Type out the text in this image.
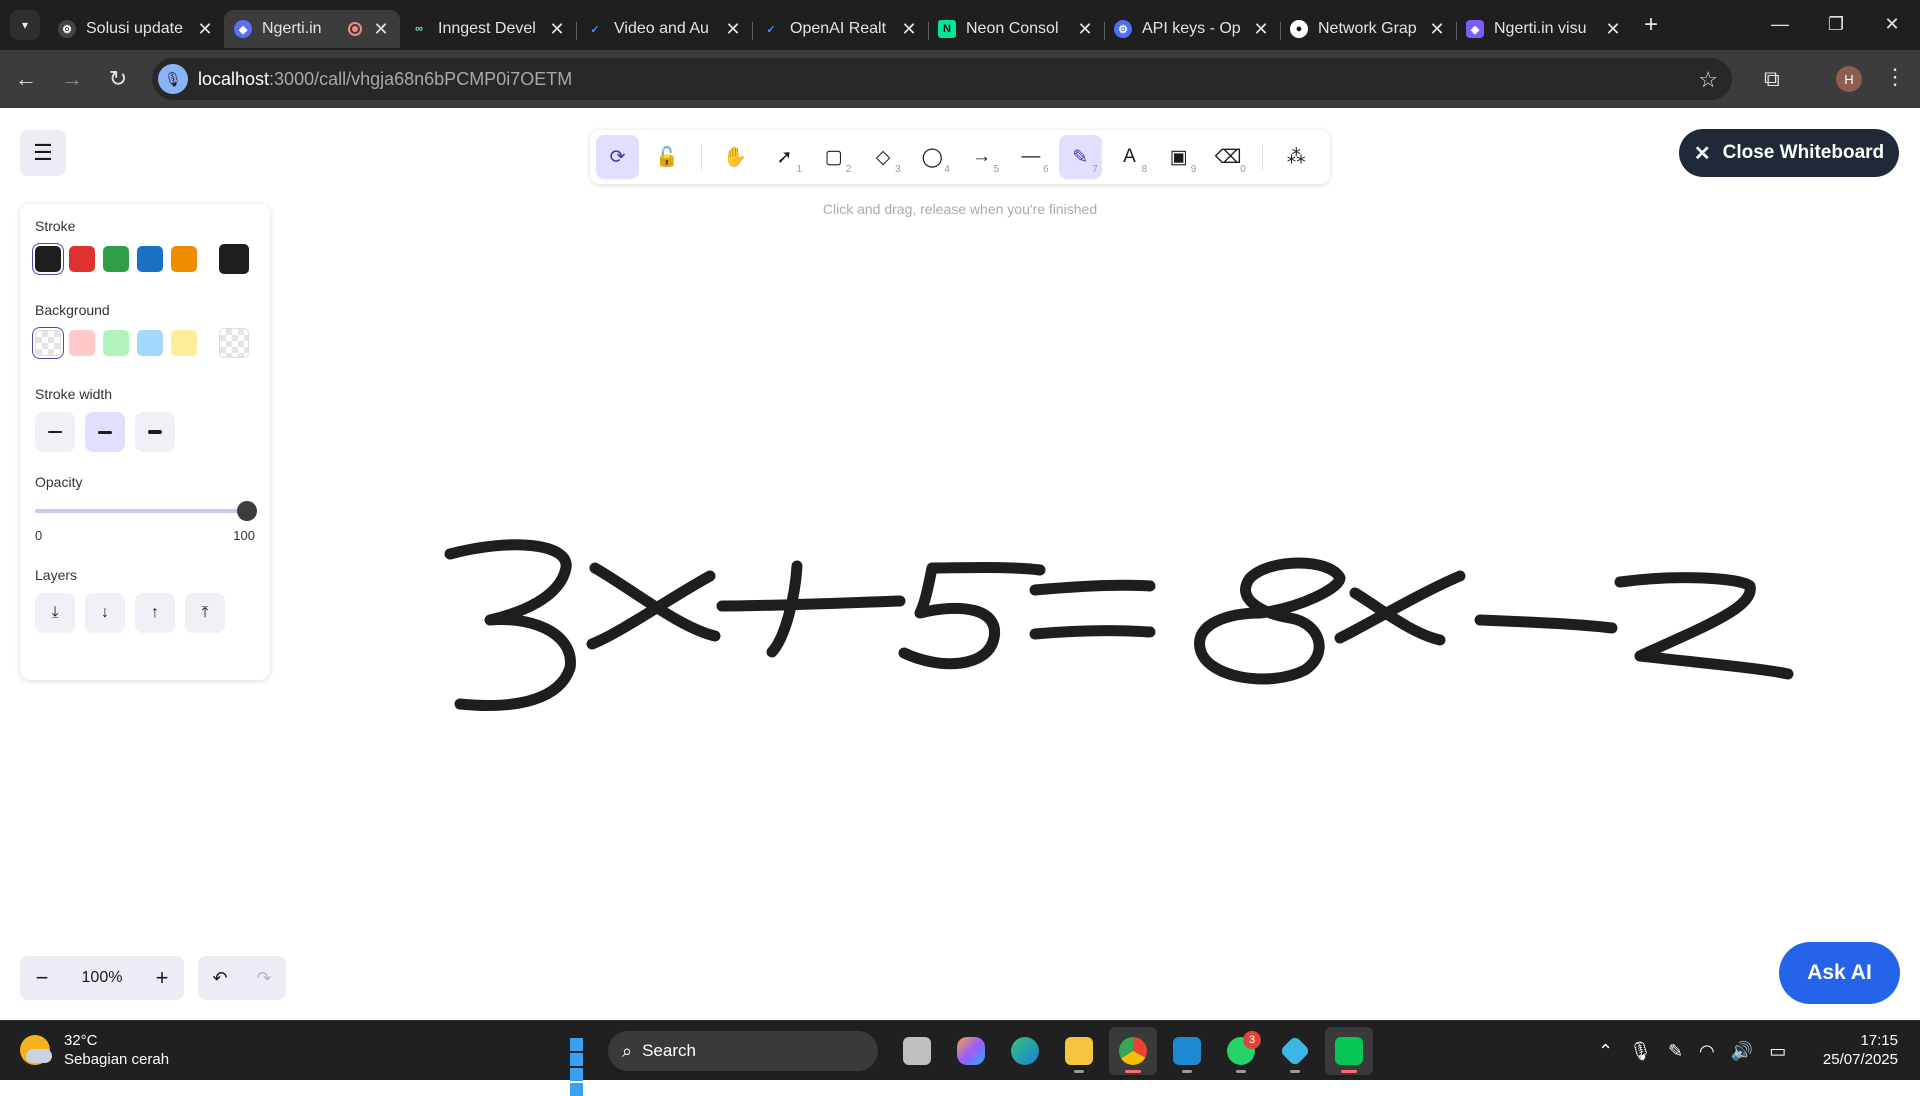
▾	⚙ Solusi update ✕	◆ Ngerti.in	✕	∞ Inngest Devel ✕	✓ Video and Au ✕	✓ OpenAI Realt ✕	N Neon Consol	✕	⚙ API keys - Op ✕	● Network Grap ✕	◆ Ngerti.in visu	✕ +	—	❐	✕
←	→	↻	🎙 localhost :3000/call/vhgja68n6bPCMP0i7OETM	☆ ⧉	H	⋮
☰	⟳ 🔓 ✋ ➚
$_1$
▢
$_2$
◇
$_3$
◯
$_4$
→
$_5$
—
$_6$
✎
$_7$
A
$_8$
▣
$_9$
⌫
0
⁂
Click and drag, release when you're finished
✕ Close Whiteboard
Stroke
Background
Stroke width
Opacity
0	100
Layers
⤓	↓	↑	⤒
−	100%	+	↶ ↷	Ask AI
32°C
Sebagian cerah	⌕ Search
3
⌃ 🎙 ✎ ◠ 🔊 ▭	17:15
25/07/2025
